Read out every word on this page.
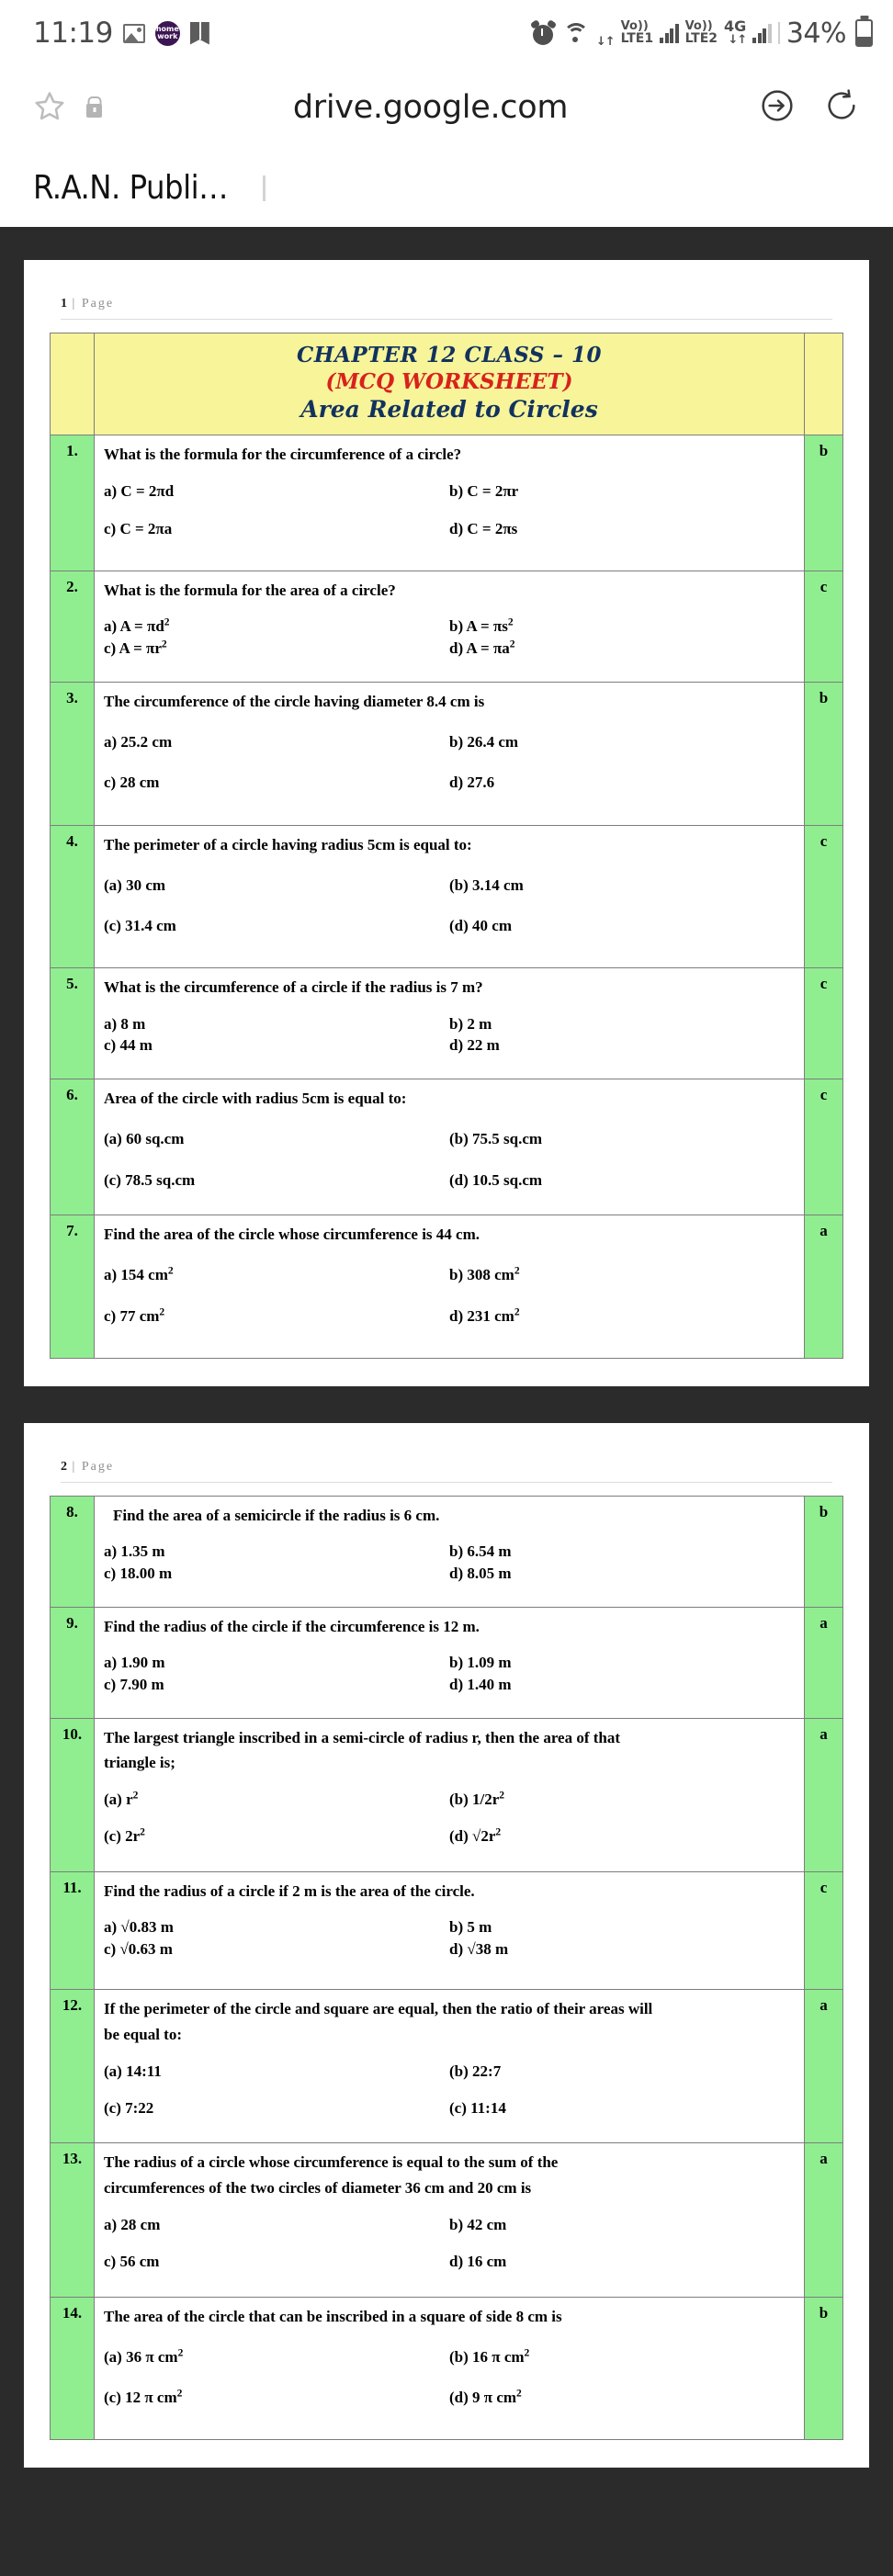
11:19	home
work	↓↑
Vo))
LTE1
Vo))
LTE2
4G
↓↑ 34%
drive.google.com
R.A.N. Publi…
1 | Page

	CHAPTER 12 CLASS – 10
(MCQ WORKSHEET)
Area Related to Circles	

1.	What is the formula for the circumference of a circle?
a) C = 2πd b) C = 2πr
c) C = 2πa d) C = 2πs	b
2.	What is the formula for the area of a circle?
a) $A = \pi d^2$ b) $A = \pi s^2$
c) $A = \pi r^2$ d) $A = \pi a^2$	c
3.	The circumference of the circle having diameter 8.4 cm is
a) 25.2 cm b) 26.4 cm
c) 28 cm d) 27.6	b
4.	The perimeter of a circle having radius 5cm is equal to:
(a) 30 cm (b) 3.14 cm
(c) 31.4 cm (d) 40 cm	c
5.	What is the circumference of a circle if the radius is 7 m?
a) 8 m b) 2 m
c) 44 m d) 22 m	c
6.	Area of the circle with radius 5cm is equal to:
(a) 60 sq.cm (b) 75.5 sq.cm
(c) 78.5 sq.cm (d) 10.5 sq.cm	c
7.	Find the area of the circle whose circumference is 44 cm.
a) 154 $cm^2$ b) 308 $cm^2$
c) 77 $cm^2$ d) 231 $cm^2$	a
2 | Page
8.	Find the area of a semicircle if the radius is 6 cm.
a) 1.35 m b) 6.54 m
c) 18.00 m d) 8.05 m	b
9.	Find the radius of the circle if the circumference is 12 m.
a) 1.90 m b) 1.09 m
c) 7.90 m d) 1.40 m	a
10.	The largest triangle inscribed in a semi-circle of radius r, then the area of that
triangle is;
(a) $r^2$	(b) $1/2r^2$
(c) $2r^2$	(d) $√2r^2$
	a
11.	Find the radius of a circle if 2 m is the area of the circle.
a) √0.83 m b) 5 m
c) √0.63 m d) √38 m	c
12.	If the perimeter of the circle and square are equal, then the ratio of their areas will
be equal to:
(a) 14:11	(b) 22:7
(c) 7:22	(c) 11:14
	a
13.	The radius of a circle whose circumference is equal to the sum of the
circumferences of the two circles of diameter 36 cm and 20 cm is
a) 28 cm	b) 42 cm
c) 56 cm	d) 16 cm
	a
14.	The area of the circle that can be inscribed in a square of side 8 cm is
(a) 36 π $cm^2$ (b) 16 π $cm^2$
(c) 12 π $cm^2$ (d) 9 π $cm^2$	b
